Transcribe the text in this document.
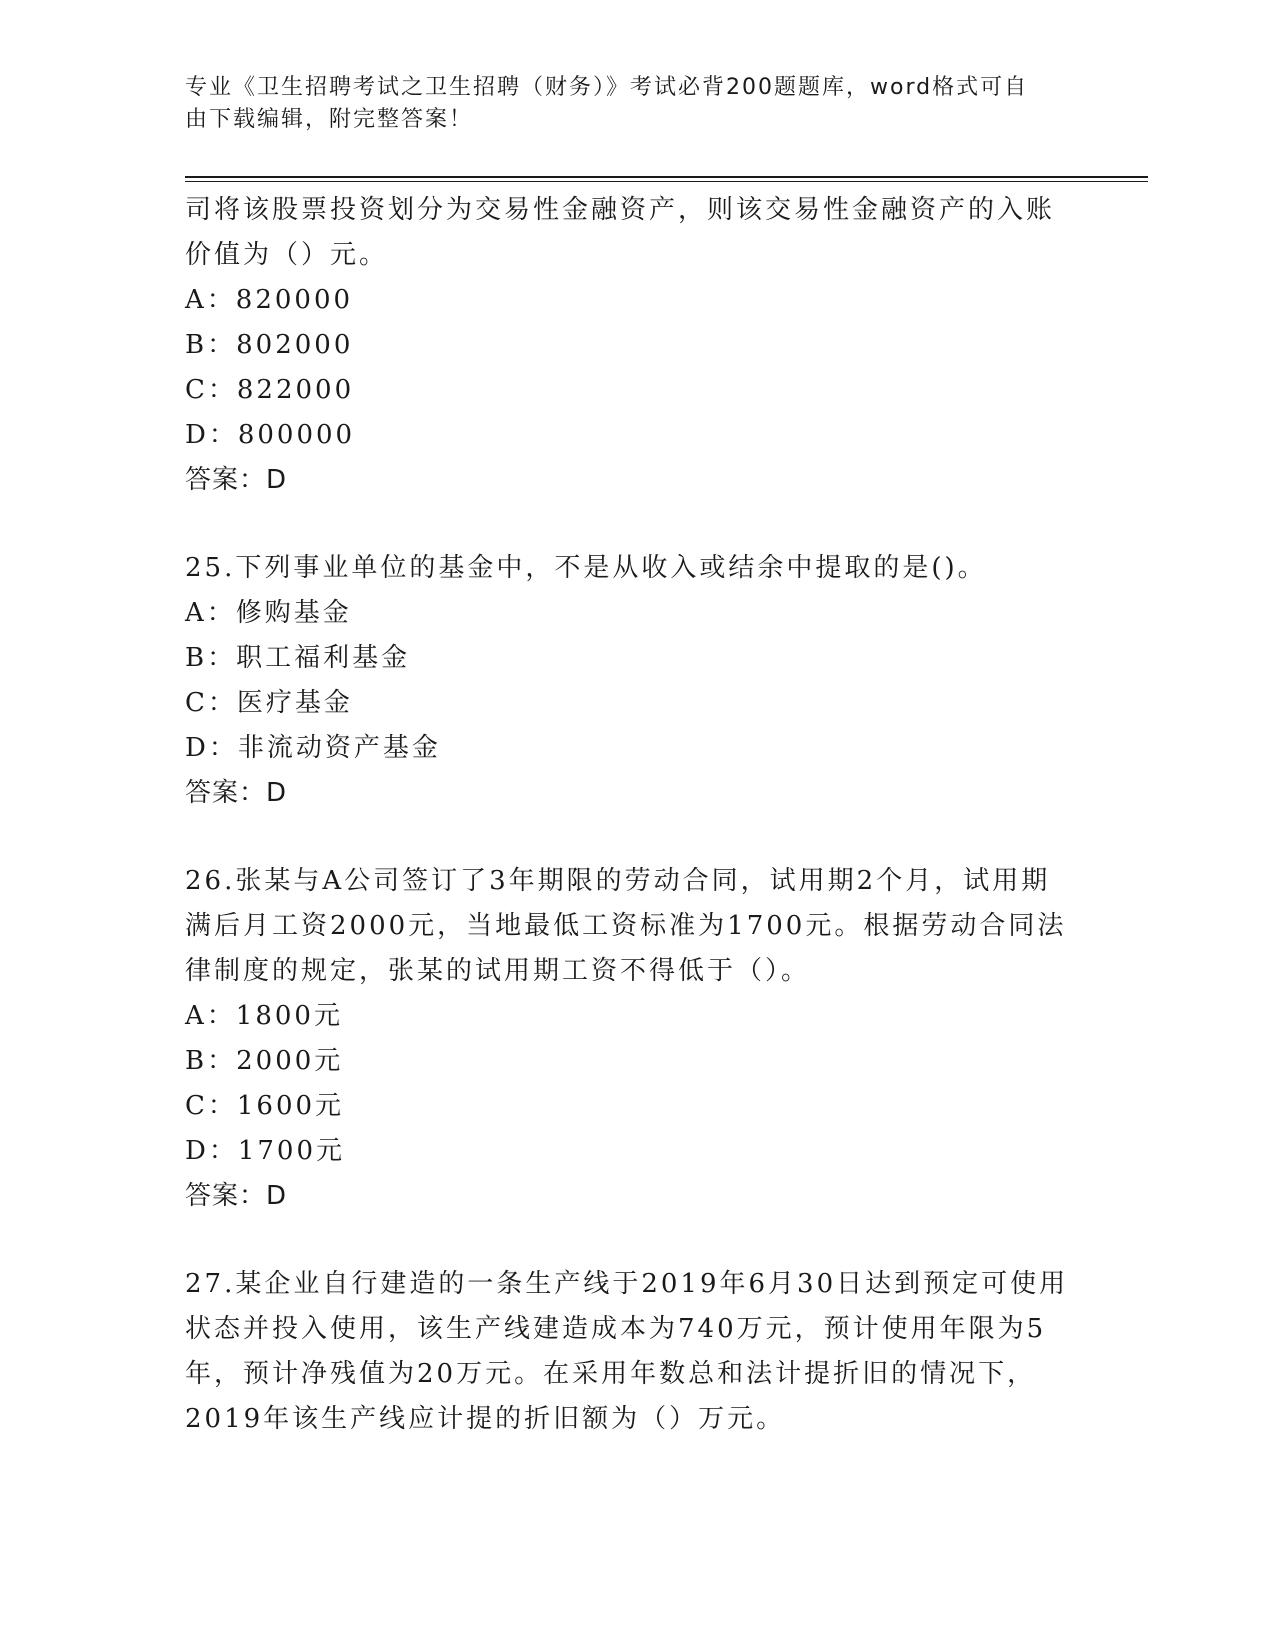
专业《卫生招聘考试之卫生招聘（财务）》考试必背200题题库，word格式可自
由下载编辑，附完整答案！
司将该股票投资划分为交易性金融资产，则该交易性金融资产的入账
价值为（）元。
A：820000
B：802000
C：822000
D：800000
答案：D
25.下列事业单位的基金中，不是从收入或结余中提取的是()。
A：修购基金
B：职工福利基金
C：医疗基金
D：非流动资产基金
答案：D
26.张某与A公司签订了3年期限的劳动合同，试用期2个月，试用期
满后月工资2000元，当地最低工资标准为1700元。根据劳动合同法
律制度的规定，张某的试用期工资不得低于（）。
A：1800元
B：2000元
C：1600元
D：1700元
答案：D
27.某企业自行建造的一条生产线于2019年6月30日达到预定可使用
状态并投入使用，该生产线建造成本为740万元，预计使用年限为5
年，预计净残值为20万元。在采用年数总和法计提折旧的情况下，
2019年该生产线应计提的折旧额为（）万元。
